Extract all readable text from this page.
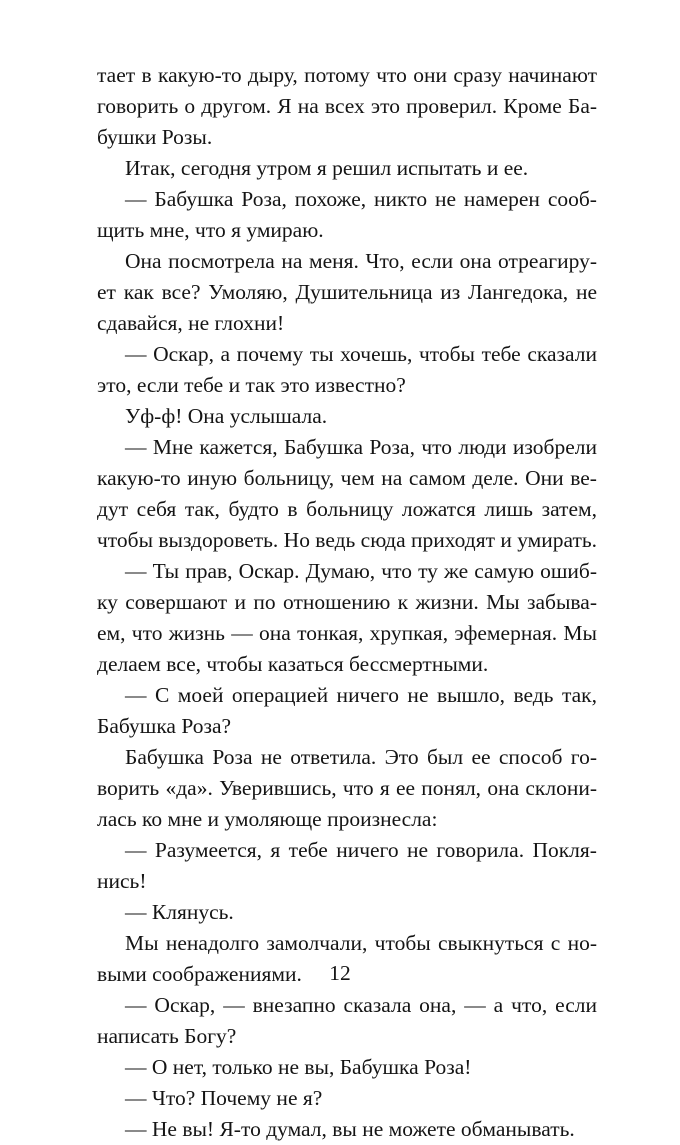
тает в какую-то дыру, потому что они сразу начинают
говорить о другом. Я на всех это проверил. Кроме Ба-
бушки Розы.
Итак, сегодня утром я решил испытать и ее.
— Бабушка Роза, похоже, никто не намерен сооб-
щить мне, что я умираю.
Она посмотрела на меня. Что, если она отреагиру-
ет как все? Умоляю, Душительница из Лангедока, не
сдавайся, не глохни!
— Оскар, а почему ты хочешь, чтобы тебе сказали
это, если тебе и так это известно?
Уф-ф! Она услышала.
— Мне кажется, Бабушка Роза, что люди изобрели
какую-то иную больницу, чем на самом деле. Они ве-
дут себя так, будто в больницу ложатся лишь затем,
чтобы выздороветь. Но ведь сюда приходят и умирать.
— Ты прав, Оскар. Думаю, что ту же самую ошиб-
ку совершают и по отношению к жизни. Мы забыва-
ем, что жизнь — она тонкая, хрупкая, эфемерная. Мы
делаем все, чтобы казаться бессмертными.
— С моей операцией ничего не вышло, ведь так,
Бабушка Роза?
Бабушка Роза не ответила. Это был ее способ го-
ворить «да». Уверившись, что я ее понял, она склони-
лась ко мне и умоляюще произнесла:
— Разумеется, я тебе ничего не говорила. Покля-
нись!
— Клянусь.
Мы ненадолго замолчали, чтобы свыкнуться с но-
выми соображениями.
— Оскар, — внезапно сказала она, — а что, если
написать Богу?
— О нет, только не вы, Бабушка Роза!
— Что? Почему не я?
— Не вы! Я-то думал, вы не можете обманывать.
12
